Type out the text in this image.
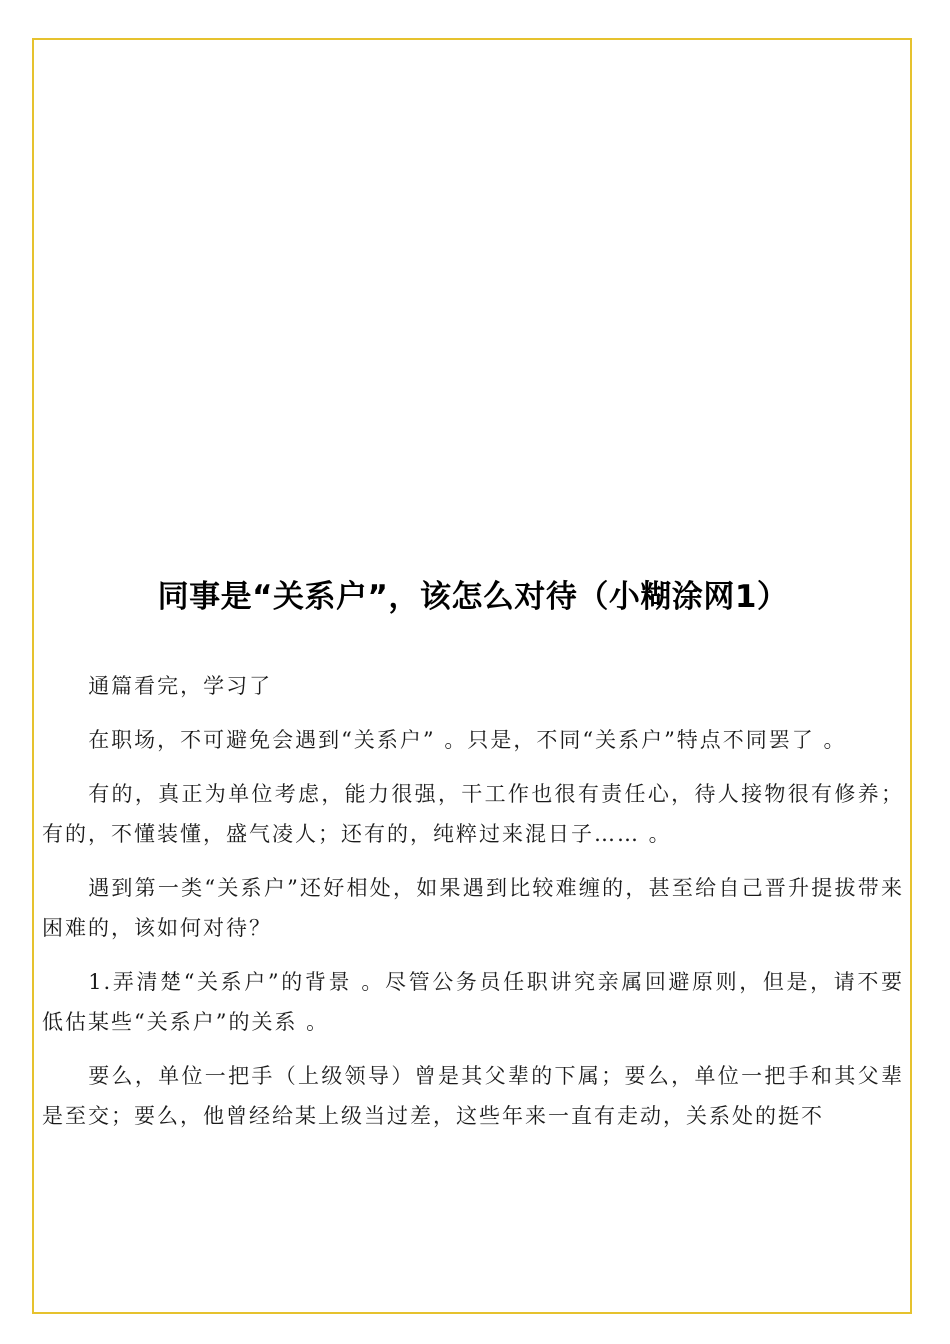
同事是“关系户”，该怎么对待（小糊涂网1）

通篇看完，学习了

在职场，不可避免会遇到“关系户” 。只是，不同“关系户”特点不同罢了 。

有的，真正为单位考虑，能力很强，干工作也很有责任心，待人接物很有修养；有的，不懂装懂，盛气凌人；还有的，纯粹过来混日子…… 。

遇到第一类“关系户”还好相处，如果遇到比较难缠的，甚至给自己晋升提拔带来困难的，该如何对待？

1.弄清楚“关系户”的背景 。尽管公务员任职讲究亲属回避原则，但是，请不要低估某些“关系户”的关系 。

要么，单位一把手（上级领导）曾是其父辈的下属；要么，单位一把手和其父辈是至交；要么，他曾经给某上级当过差，这些年来一直有走动，关系处的挺不
